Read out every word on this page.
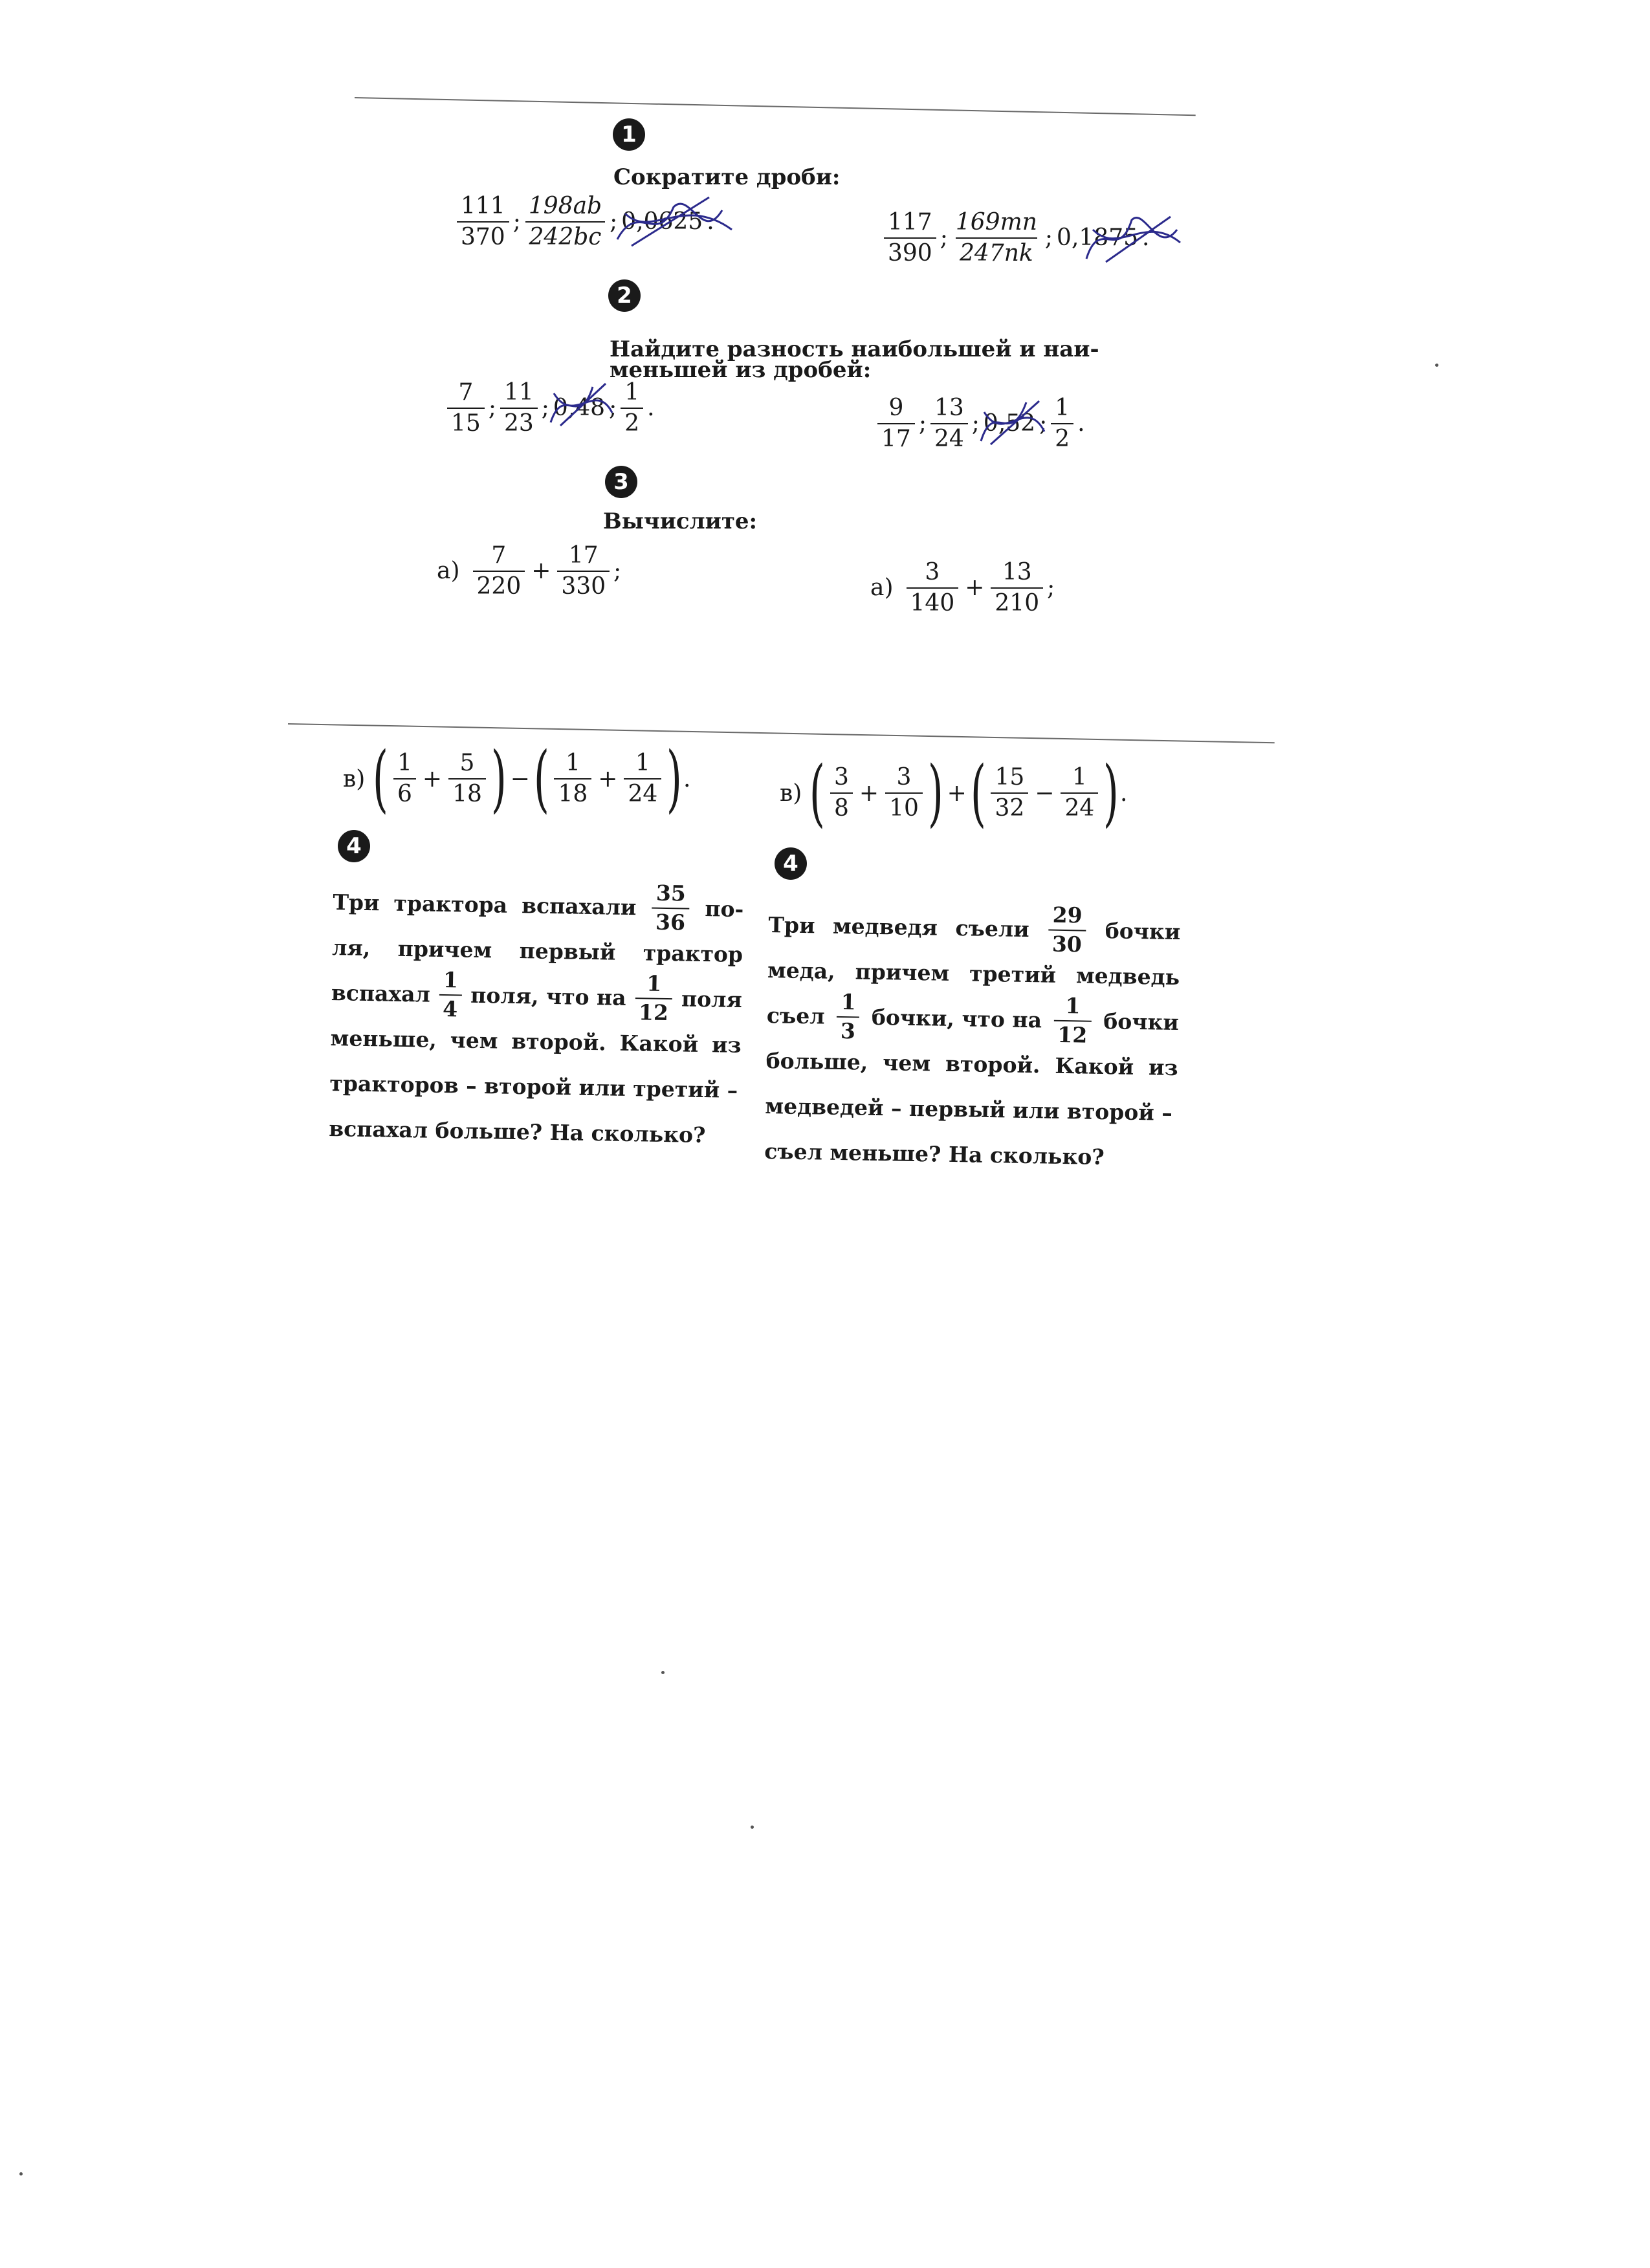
1
Сократите дроби:
$\frac{111}{370}$ ; $\frac{198ab}{242bc}$ ; 0,0625 .	$\frac{117}{390}$ ; $\frac{169mn}{247nk}$ ; 0,1875 .
2
Найдите разность наибольшей и наи-
меньшей из дробей:
$\frac{7}{15}$ ; $\frac{11}{23}$ ; 0,48 ; $\frac{1}{2}$ .	$\frac{9}{17}$ ; $\frac{13}{24}$ ; 0,52 ; $\frac{1}{2}$ .
3
Вычислите:
$а) \frac{7}{220} + \frac{17}{330}$ ;
$а) \frac{3}{140} + \frac{13}{210}$ ;
в) ( $\frac{1}{6} + \frac{5}{18}$ ) − ( $\frac{1}{18} + \frac{1}{24}$ ) .
в) ( $\frac{3}{8} + \frac{3}{10}$ ) + ( $\frac{15}{32} - \frac{1}{24}$ ) .
4
Три трактора вспахали $\frac{35}{36} по-$
ля, причем первый трактор
вспахал $\frac{1}{4}$ поля, что на $\frac{1}{12}$ поля
меньше, чем второй. Какой из
тракторов – второй или третий –
вспахал больше? На сколько?
4
Три медведя съели $\frac{29}{30}$ бочки
меда, причем третий медведь
съел $\frac{1}{3}$ бочки, что на $\frac{1}{12}$ бочки
больше, чем второй. Какой из
медведей – первый или второй –
съел меньше? На сколько?
